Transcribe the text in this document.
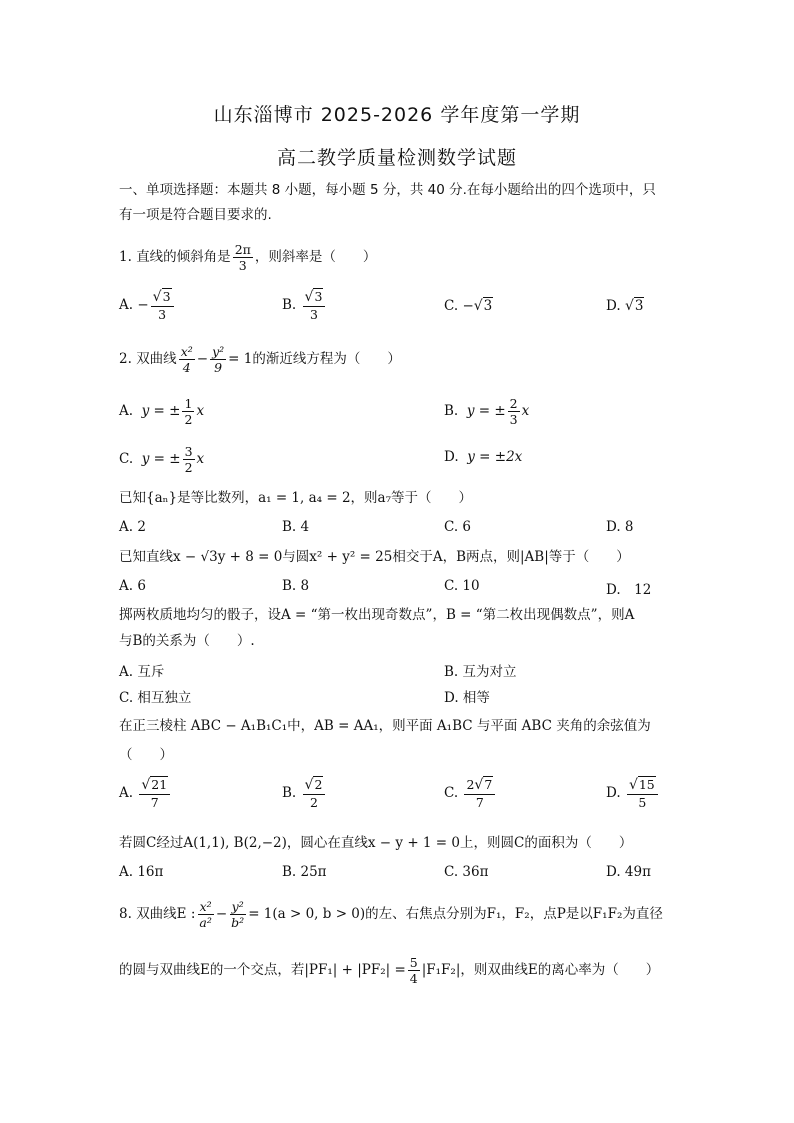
山东淄博市 2025-2026 学年度第一学期
高二教学质量检测数学试题
一、单项选择题：本题共 8 小题，每小题 5 分，共 40 分.在每小题给出的四个选项中，只
有一项是符合题目要求的.
1. 直线的倾斜角是 $\frac{2\pi}{3}$ ，则斜率是（　　）
A. − $\frac{√3}{3}$	B. $\frac{√3}{3}$	C. −√3	D. √3
2. 双曲线 $\frac{\text{x²}}{4} - \frac{\text{y²}}{9} = 1$的渐近线方程为（　　）
A. y = ± $\frac{1}{2}$ x	B. y = ± $\frac{2}{3}$ x
C. y = ± $\frac{3}{2}$ x	D. y = ±2x
已知{aₙ}是等比数列，a₁ = 1, a₄ = 2，则a₇等于（　　）
A. 2	B. 4	C. 6	D. 8
已知直线x − √3y + 8 = 0与圆x² + y² = 25相交于A，B两点，则|AB|等于（　　）
A. 6	B. 8	C. 10	D.　12
掷两枚质地均匀的骰子，设A = “第一枚出现奇数点”，B = “第二枚出现偶数点”，则A
与B的关系为（　　）.
A. 互斥	B. 互为对立
C. 相互独立	D. 相等
在正三棱柱 ABC − A₁B₁C₁中，AB = AA₁，则平面 A₁BC 与平面 ABC 夹角的余弦值为
（　　）
A. $\frac{√21}{7}$	B. $\frac{√2}{2}$	C. $\frac{2√7}{7}$	D. $\frac{√15}{5}$
若圆C经过A(1,1), B(2,−2)，圆心在直线x − y + 1 = 0上，则圆C的面积为（　　）
A. 16π	B. 25π	C. 36π	D. 49π
8. 双曲线E : $\frac{\text{x²}}{\text{a²}} - \frac{\text{y²}}{\text{b²}} = 1(a > 0$, b > 0)的左、右焦点分别为F₁，F₂，点P是以F₁F₂为直径
的圆与双曲线E的一个交点，若$|PF_1| + |PF_2| = \frac{5}{4} |F_1F_2|$，则双曲线E的离心率为（　　）
